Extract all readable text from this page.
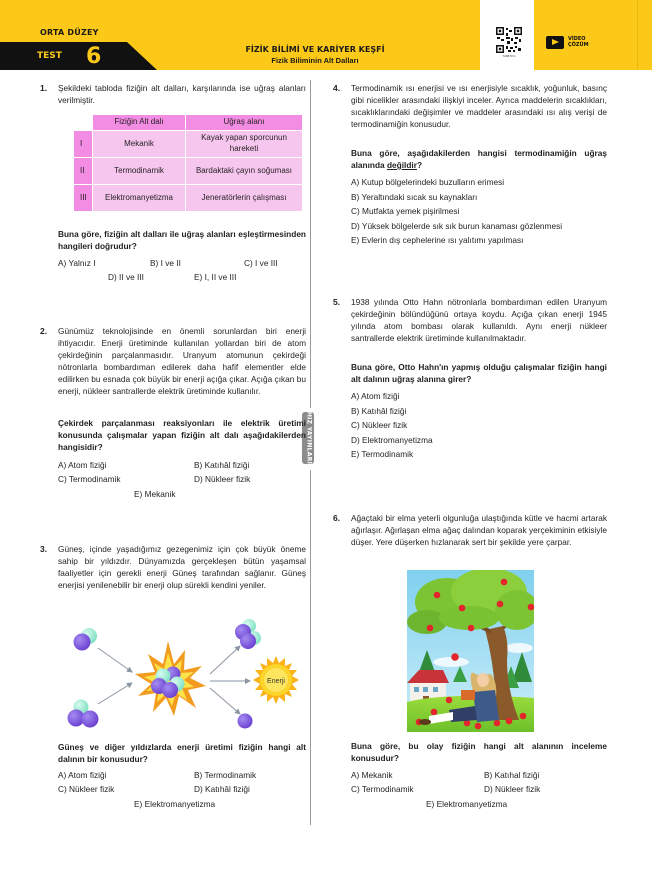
ORTA DÜZEY
TEST 6	FİZİK BİLİMİ VE KARİYER KEŞFİ
Fizik Biliminin Alt Dalları	7208 8 IC
VİDEO
ÇÖZÜM
HIZ YAYINLARI
1. Şekildeki tabloda fiziğin alt dalları, karşılarında ise uğraş alanları verilmiştir.
	Fiziğin Alt dalı	Uğraş alanı
I	Mekanik	Kayak yapan sporcunun hareketi
II	Termodinamik	Bardaktaki çayın soğuması
III	Elektromanyetizma	Jeneratörlerin çalışması
Buna göre, fiziğin alt dalları ile uğraş alanları eşleştirmesinden hangileri doğrudur?
A) Yalnız I	B) I ve II	C) I ve III
D) II ve III	E) I, II ve III
2. Günümüz teknolojisinde en önemli sorunlardan biri enerji ihtiyacıdır. Enerji üretiminde kullanılan yollardan biri de atom çekirdeğinin parçalanmasıdır. Uranyum atomunun çekirdeği nötronlarla bombardıman edilerek daha hafif elementler elde edilirken bu esnada çok büyük bir enerji açığa çıkar. Açığa çıkan bu enerji, nükleer santrallerde elektrik üretiminde kullanılır.
Çekirdek parçalanması reaksiyonları ile elektrik üretimi konusunda çalışmalar yapan fiziğin alt dalı aşağıdakilerden hangisidir?
A) Atom fiziği	B) Katıhâl fiziği
C) Termodinamik	D) Nükleer fizik
E) Mekanik
3. Güneş, içinde yaşadığımız gezegenimiz için çok büyük öneme sahip bir yıldızdır. Dünyamızda gerçekleşen bütün yaşamsal faaliyetler için gerekli enerji Güneş tarafından sağlanır. Güneş enerjisi yenilenebilir bir enerji olup sürekli kendini yeniler.
Enerji
Güneş ve diğer yıldızlarda enerji üretimi fiziğin hangi alt dalının bir konusudur?
A) Atom fiziği	B) Termodinamik
C) Nükleer fizik	D) Katıhâl fiziği
E) Elektromanyetizma
4. Termodinamik ısı enerjisi ve ısı enerjisiyle sıcaklık, yoğunluk, basınç gibi nicelikler arasındaki ilişkiyi inceler. Ayrıca maddelerin sıcaklıkları, sıcaklıklarındaki değişimler ve maddeler arasındaki ısı alış verişi de termodinamiğin konusudur.
Buna göre, aşağıdakilerden hangisi termodinamiğin uğraş alanında değildir?
A) Kutup bölgelerindeki buzulların erimesi
B) Yeraltındaki sıcak su kaynakları
C) Mutfakta yemek pişirilmesi
D) Yüksek bölgelerde sık sık burun kanaması gözlenmesi
E) Evlerin dış cephelerine ısı yalıtımı yapılması
5. 1938 yılında Otto Hahn nötronlarla bombardıman edilen Uranyum çekirdeğinin bölündüğünü ortaya koydu. Açığa çıkan enerji 1945 yılında atom bombası olarak kullanıldı. Aynı enerji nükleer santrallerde elektrik üretiminde kullanılmaktadır.
Buna göre, Otto Hahn'ın yapmış olduğu çalışmalar fiziğin hangi alt dalının uğraş alanına girer?
A) Atom fiziği
B) Katıhâl fiziği
C) Nükleer fizik
D) Elektromanyetizma
E) Termodinamik
6. Ağaçtaki bir elma yeterli olgunluğa ulaştığında kütle ve hacmi artarak ağırlaşır. Ağırlaşan elma ağaç dalından koparak yerçekiminin etkisiyle düşer. Yere düşerken hızlanarak sert bir şekilde yere çarpar.
Buna göre, bu olay fiziğin hangi alt alanının inceleme konusudur?
A) Mekanik	B) Katıhal fiziği
C) Termodinamik	D) Nükleer fizik
E) Elektromanyetizma
